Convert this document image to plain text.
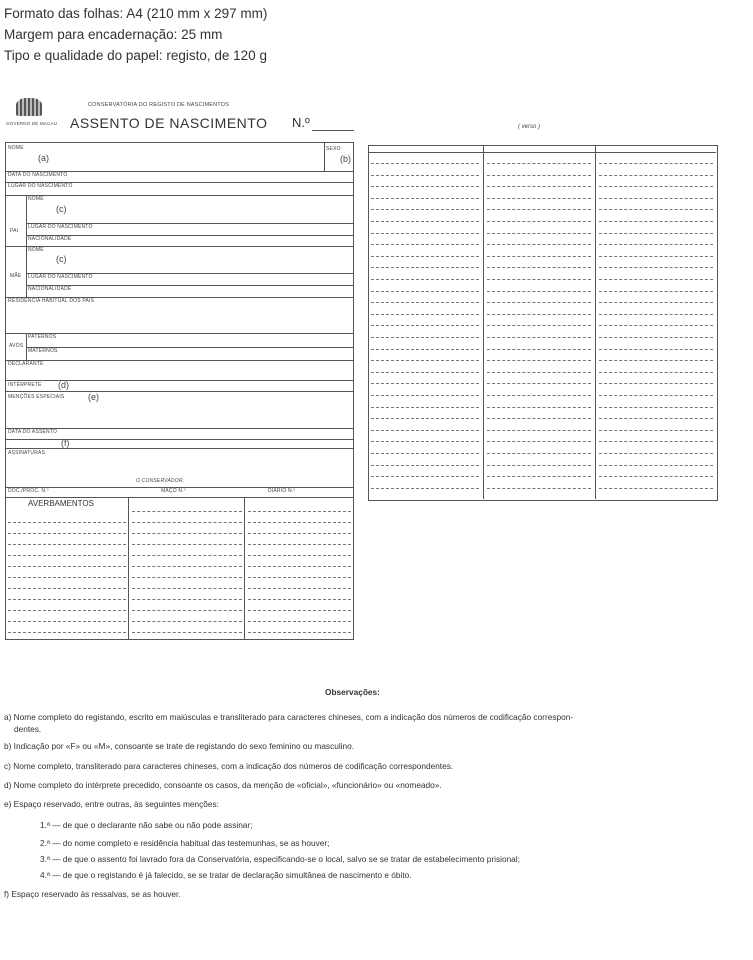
Formato das folhas: A4 (210 mm x 297 mm)
Margem para encadernação: 25 mm
Tipo e qualidade do papel: registo, de 120 g
GOVERNO DE MACAU
CONSERVATÓRIA DO REGISTO DE NASCIMENTOS
ASSENTO DE NASCIMENTO N.º	( verso )
NOME
(a)
SEXO
(b)
DATA DO NASCIMENTO
LUGAR DO NASCIMENTO
PAI
NOME
(c)
LUGAR DO NASCIMENTO
NACIONALIDADE
MÃE
NOME
(c)
LUGAR DO NASCIMENTO
NACIONALIDADE
RESIDÊNCIA HABITUAL DOS PAIS
AVÓS
PATERNOS
MATERNOS
DECLARANTE
INTÉRPRETE (d)
MENÇÕES ESPECIAIS	(e)
DATA DO ASSENTO
(f)
ASSINATURAS
O CONSERVADOR,
DOC./PROC. N.º	MAÇO N.º	DIÁRIO N.º
AVERBAMENTOS
Observações:
a) Nome completo do registando, escrito em maiúsculas e transliterado para caracteres chineses, com a indicação dos números de codificação correspon-
dentes.
b) Indicação por «F» ou «M», consoante se trate de registando do sexo feminino ou masculino.
c) Nome completo, transliterado para caracteres chineses, com a indicação dos números de codificação correspondentes.
d) Nome completo do intérprete precedido, consoante os casos, da menção de «oficial», «funcionário» ou «nomeado».
e) Espaço reservado, entre outras, às seguintes menções:
1.ª — de que o declarante não sabe ou não pode assinar;
2.ª — do nome completo e residência habitual das testemunhas, se as houver;
3.ª — de que o assento foi lavrado fora da Conservatória, especificando-se o local, salvo se se tratar de estabelecimento prisional;
4.ª — de que o registando é já falecido, se se tratar de declaração simultânea de nascimento e óbito.
f) Espaço reservado às ressalvas, se as houver.
